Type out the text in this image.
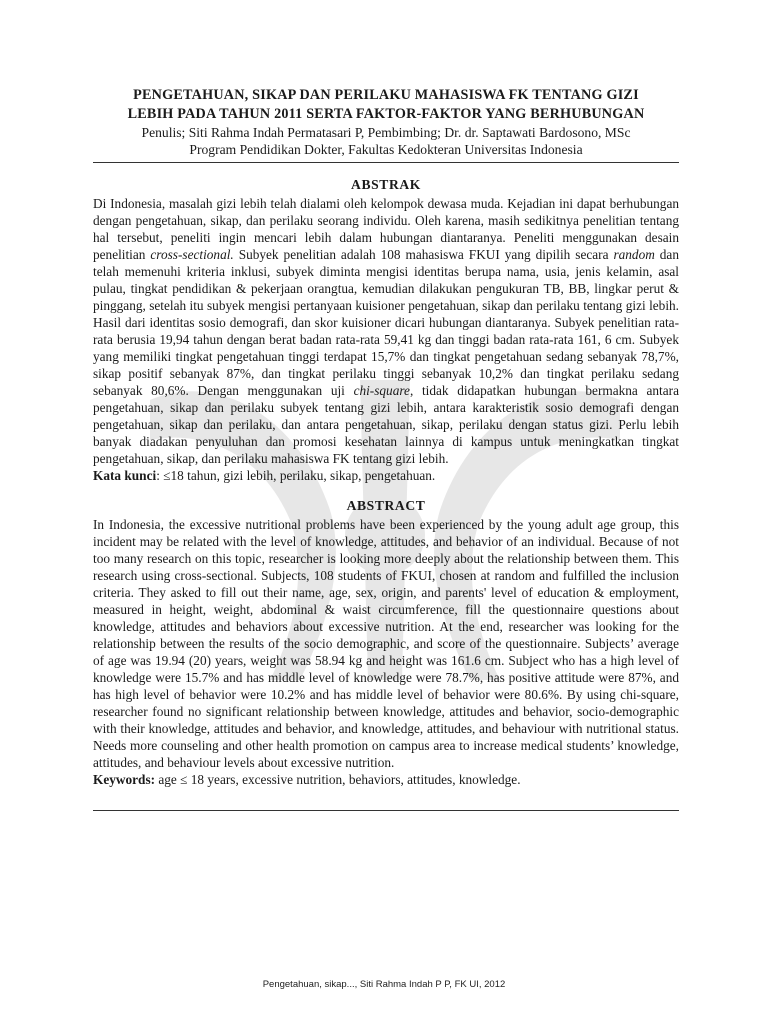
PENGETAHUAN, SIKAP DAN PERILAKU MAHASISWA FK TENTANG GIZI

LEBIH PADA TAHUN 2011 SERTA FAKTOR-FAKTOR YANG BERHUBUNGAN

Penulis; Siti Rahma Indah Permatasari P, Pembimbing; Dr. dr. Saptawati Bardosono, MSc

Program Pendidikan Dokter, Fakultas Kedokteran Universitas Indonesia

ABSTRAK

Di Indonesia, masalah gizi lebih telah dialami oleh kelompok dewasa muda. Kejadian ini dapat berhubungan dengan pengetahuan, sikap, dan perilaku seorang individu. Oleh karena, masih sedikitnya penelitian tentang hal tersebut, peneliti ingin mencari lebih dalam hubungan diantaranya. Peneliti menggunakan desain penelitian cross-sectional. Subyek penelitian adalah 108 mahasiswa FKUI yang dipilih secara random dan telah memenuhi kriteria inklusi, subyek diminta mengisi identitas berupa nama, usia, jenis kelamin, asal pulau, tingkat pendidikan & pekerjaan orangtua, kemudian dilakukan pengukuran TB, BB, lingkar perut & pinggang, setelah itu subyek mengisi pertanyaan kuisioner pengetahuan, sikap dan perilaku tentang gizi lebih. Hasil dari identitas sosio demografi, dan skor kuisioner dicari hubungan diantaranya. Subyek penelitian rata-rata berusia 19,94 tahun dengan berat badan rata-rata 59,41 kg dan tinggi badan rata-rata 161, 6 cm. Subyek yang memiliki tingkat pengetahuan tinggi terdapat 15,7% dan tingkat pengetahuan sedang sebanyak 78,7%, sikap positif sebanyak 87%, dan tingkat perilaku tinggi sebanyak 10,2% dan tingkat perilaku sedang sebanyak 80,6%. Dengan menggunakan uji chi-square, tidak didapatkan hubungan bermakna antara pengetahuan, sikap dan perilaku subyek tentang gizi lebih, antara karakteristik sosio demografi dengan pengetahuan, sikap dan perilaku, dan antara pengetahuan, sikap, perilaku dengan status gizi. Perlu lebih banyak diadakan penyuluhan dan promosi kesehatan lainnya di kampus untuk meningkatkan tingkat pengetahuan, sikap, dan perilaku mahasiswa FK tentang gizi lebih.

Kata kunci: ≤18 tahun, gizi lebih, perilaku, sikap, pengetahuan.

ABSTRACT

In Indonesia, the excessive nutritional problems have been experienced by the young adult age group, this incident may be related with the level of knowledge, attitudes, and behavior of an individual. Because of not too many research on this topic, researcher is looking more deeply about the relationship between them. This research using cross-sectional. Subjects, 108 students of FKUI, chosen at random and fulfilled the inclusion criteria. They asked to fill out their name, age, sex, origin, and parents' level of education & employment, measured in height, weight, abdominal & waist circumference, fill the questionnaire questions about knowledge, attitudes and behaviors about excessive nutrition. At the end, researcher was looking for the relationship between the results of the socio demographic, and score of the questionnaire. Subjects’ average of age was 19.94 (20) years, weight was 58.94 kg and height was 161.6 cm. Subject who has a high level of knowledge were 15.7% and has middle level of knowledge were 78.7%, has positive attitude were 87%, and has high level of behavior were 10.2% and has middle level of behavior were 80.6%. By using chi-square, researcher found no significant relationship between knowledge, attitudes and behavior, socio-demographic with their knowledge, attitudes and behavior, and knowledge, attitudes, and behaviour with nutritional status. Needs more counseling and other health promotion on campus area to increase medical students’ knowledge, attitudes, and behaviour levels about excessive nutrition.

Keywords: age ≤ 18 years, excessive nutrition, behaviors, attitudes, knowledge.

Pengetahuan, sikap..., Siti Rahma Indah P P, FK UI, 2012
